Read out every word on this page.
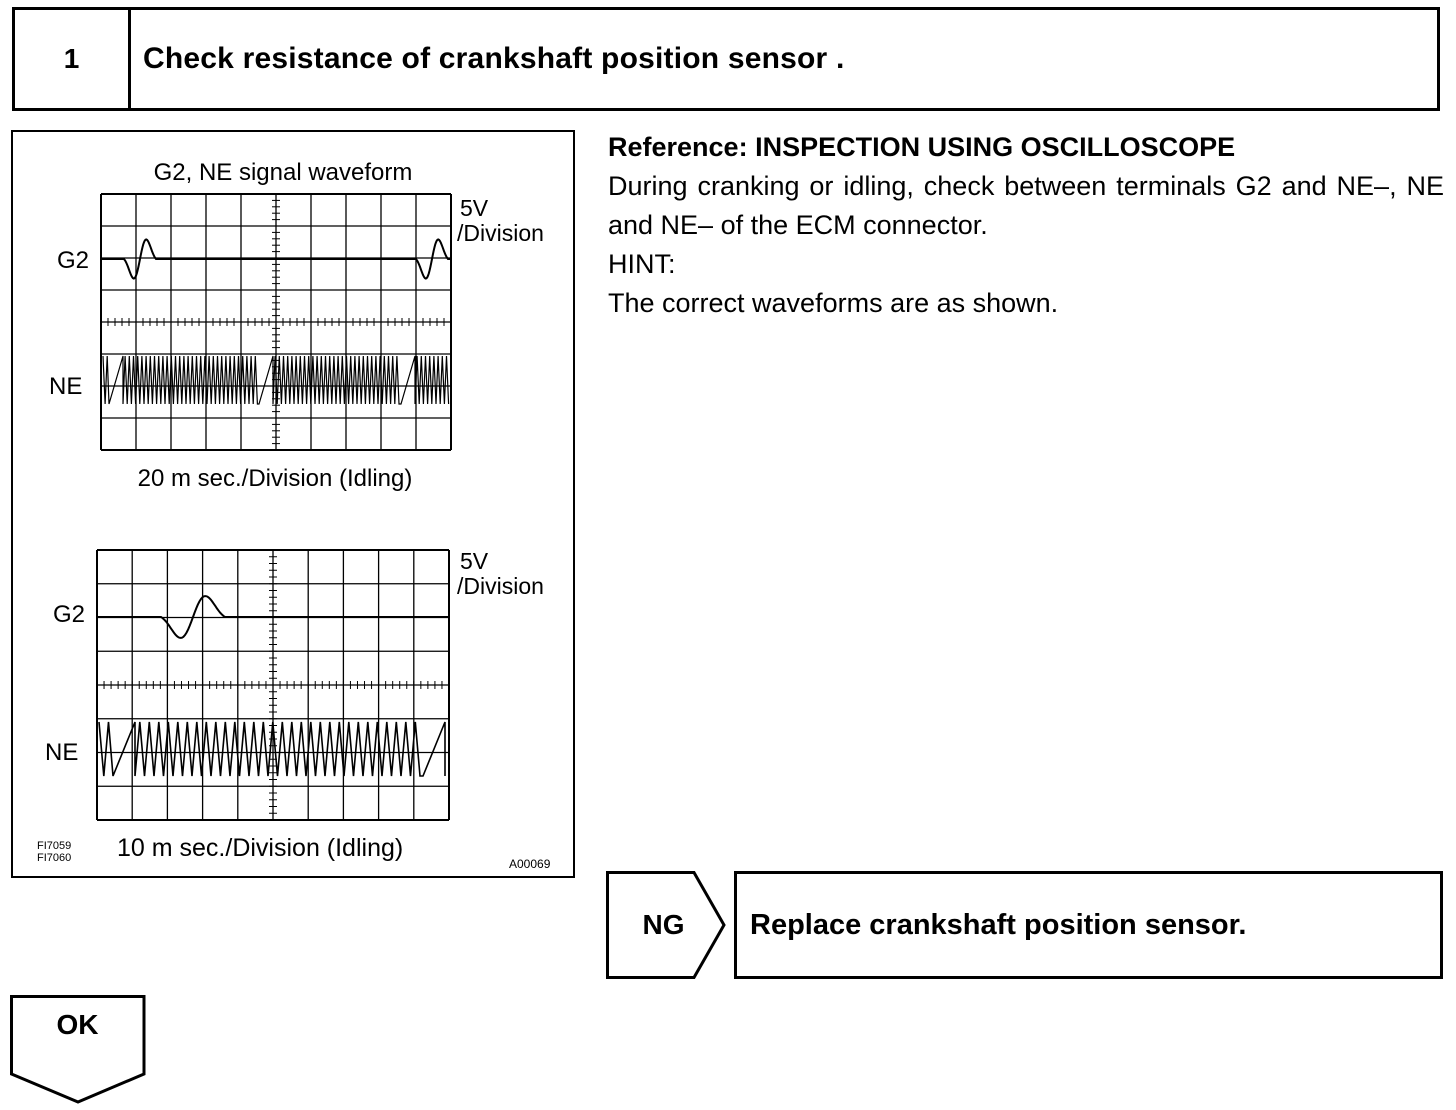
1	Check resistance of crankshaft position sensor .
G2, NE signal waveform
5V
/Division
G2
NE
20 m sec./Division (Idling)
5V
/Division
G2
NE
10 m sec./Division (Idling)
FI7059
FI7060	A00069
Reference: INSPECTION USING OSCILLOSCOPE
During cranking or idling, check between terminals G2 and NE–, NE and NE– of the ECM connector.
HINT:
The correct waveforms are as shown.
NG	Replace crankshaft position sensor.
OK
